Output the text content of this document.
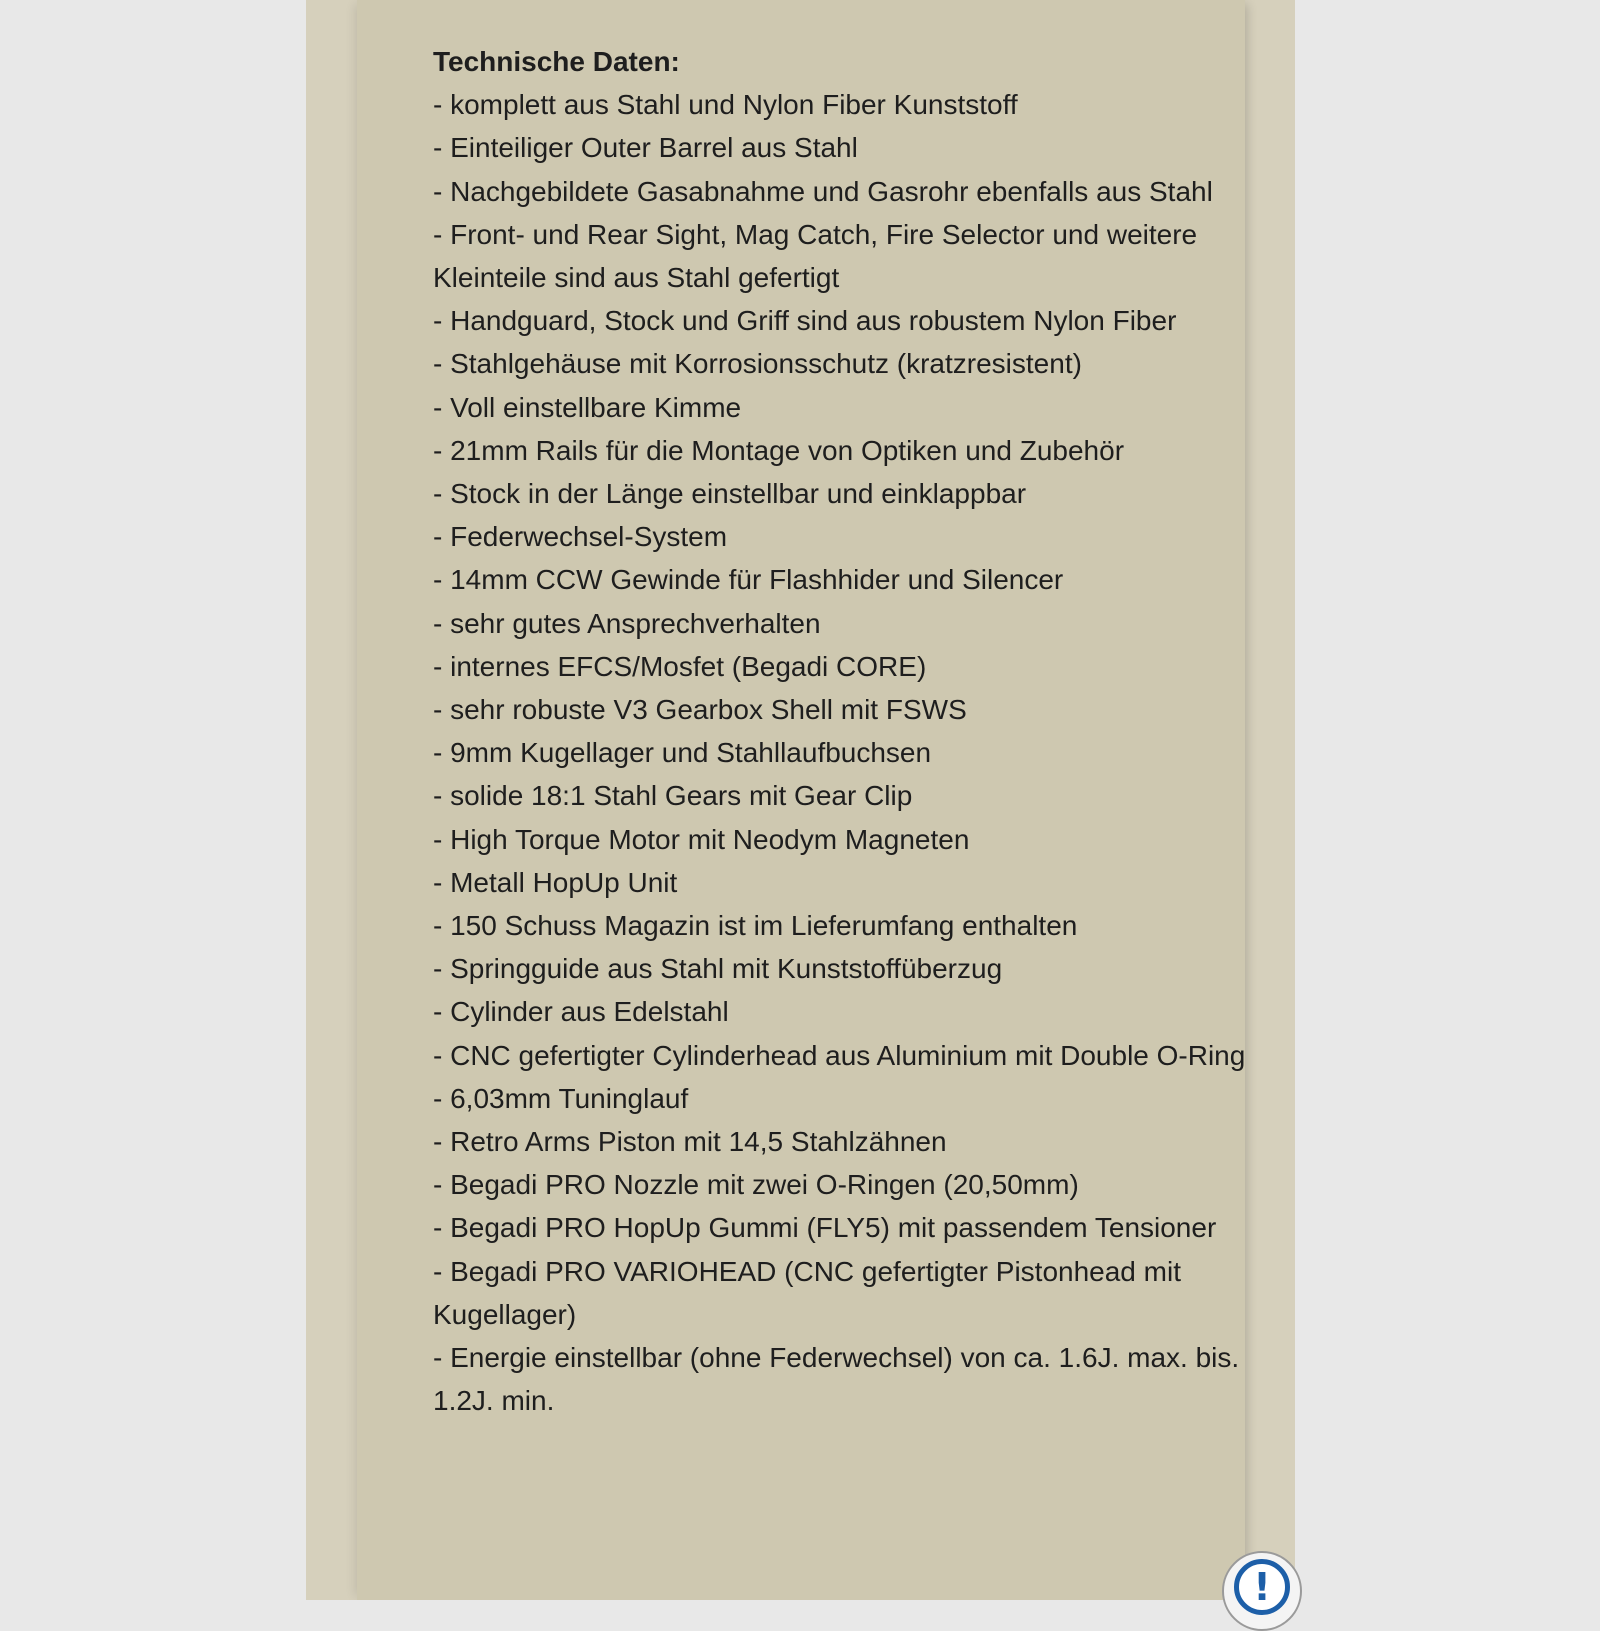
Technische Daten:
- komplett aus Stahl und Nylon Fiber Kunststoff
- Einteiliger Outer Barrel aus Stahl
- Nachgebildete Gasabnahme und Gasrohr ebenfalls aus Stahl
- Front- und Rear Sight, Mag Catch, Fire Selector und weitere Kleinteile sind aus Stahl gefertigt
- Handguard, Stock und Griff sind aus robustem Nylon Fiber
- Stahlgehäuse mit Korrosionsschutz (kratzresistent)
- Voll einstellbare Kimme
- 21mm Rails für die Montage von Optiken und Zubehör
- Stock in der Länge einstellbar und einklappbar
- Federwechsel-System
- 14mm CCW Gewinde für Flashhider und Silencer
- sehr gutes Ansprechverhalten
- internes EFCS/Mosfet (Begadi CORE)
- sehr robuste V3 Gearbox Shell mit FSWS
- 9mm Kugellager und Stahllaufbuchsen
- solide 18:1 Stahl Gears mit Gear Clip
- High Torque Motor mit Neodym Magneten
- Metall HopUp Unit
- 150 Schuss Magazin ist im Lieferumfang enthalten
- Springguide aus Stahl mit Kunststoffüberzug
- Cylinder aus Edelstahl
- CNC gefertigter Cylinderhead aus Aluminium mit Double O-Ring
- 6,03mm Tuninglauf
- Retro Arms Piston mit 14,5 Stahlzähnen
- Begadi PRO Nozzle mit zwei O-Ringen (20,50mm)
- Begadi PRO HopUp Gummi (FLY5) mit passendem Tensioner
- Begadi PRO VARIOHEAD (CNC gefertigter Pistonhead mit Kugellager)
- Energie einstellbar (ohne Federwechsel) von ca. 1.6J. max. bis. 1.2J. min.
!
